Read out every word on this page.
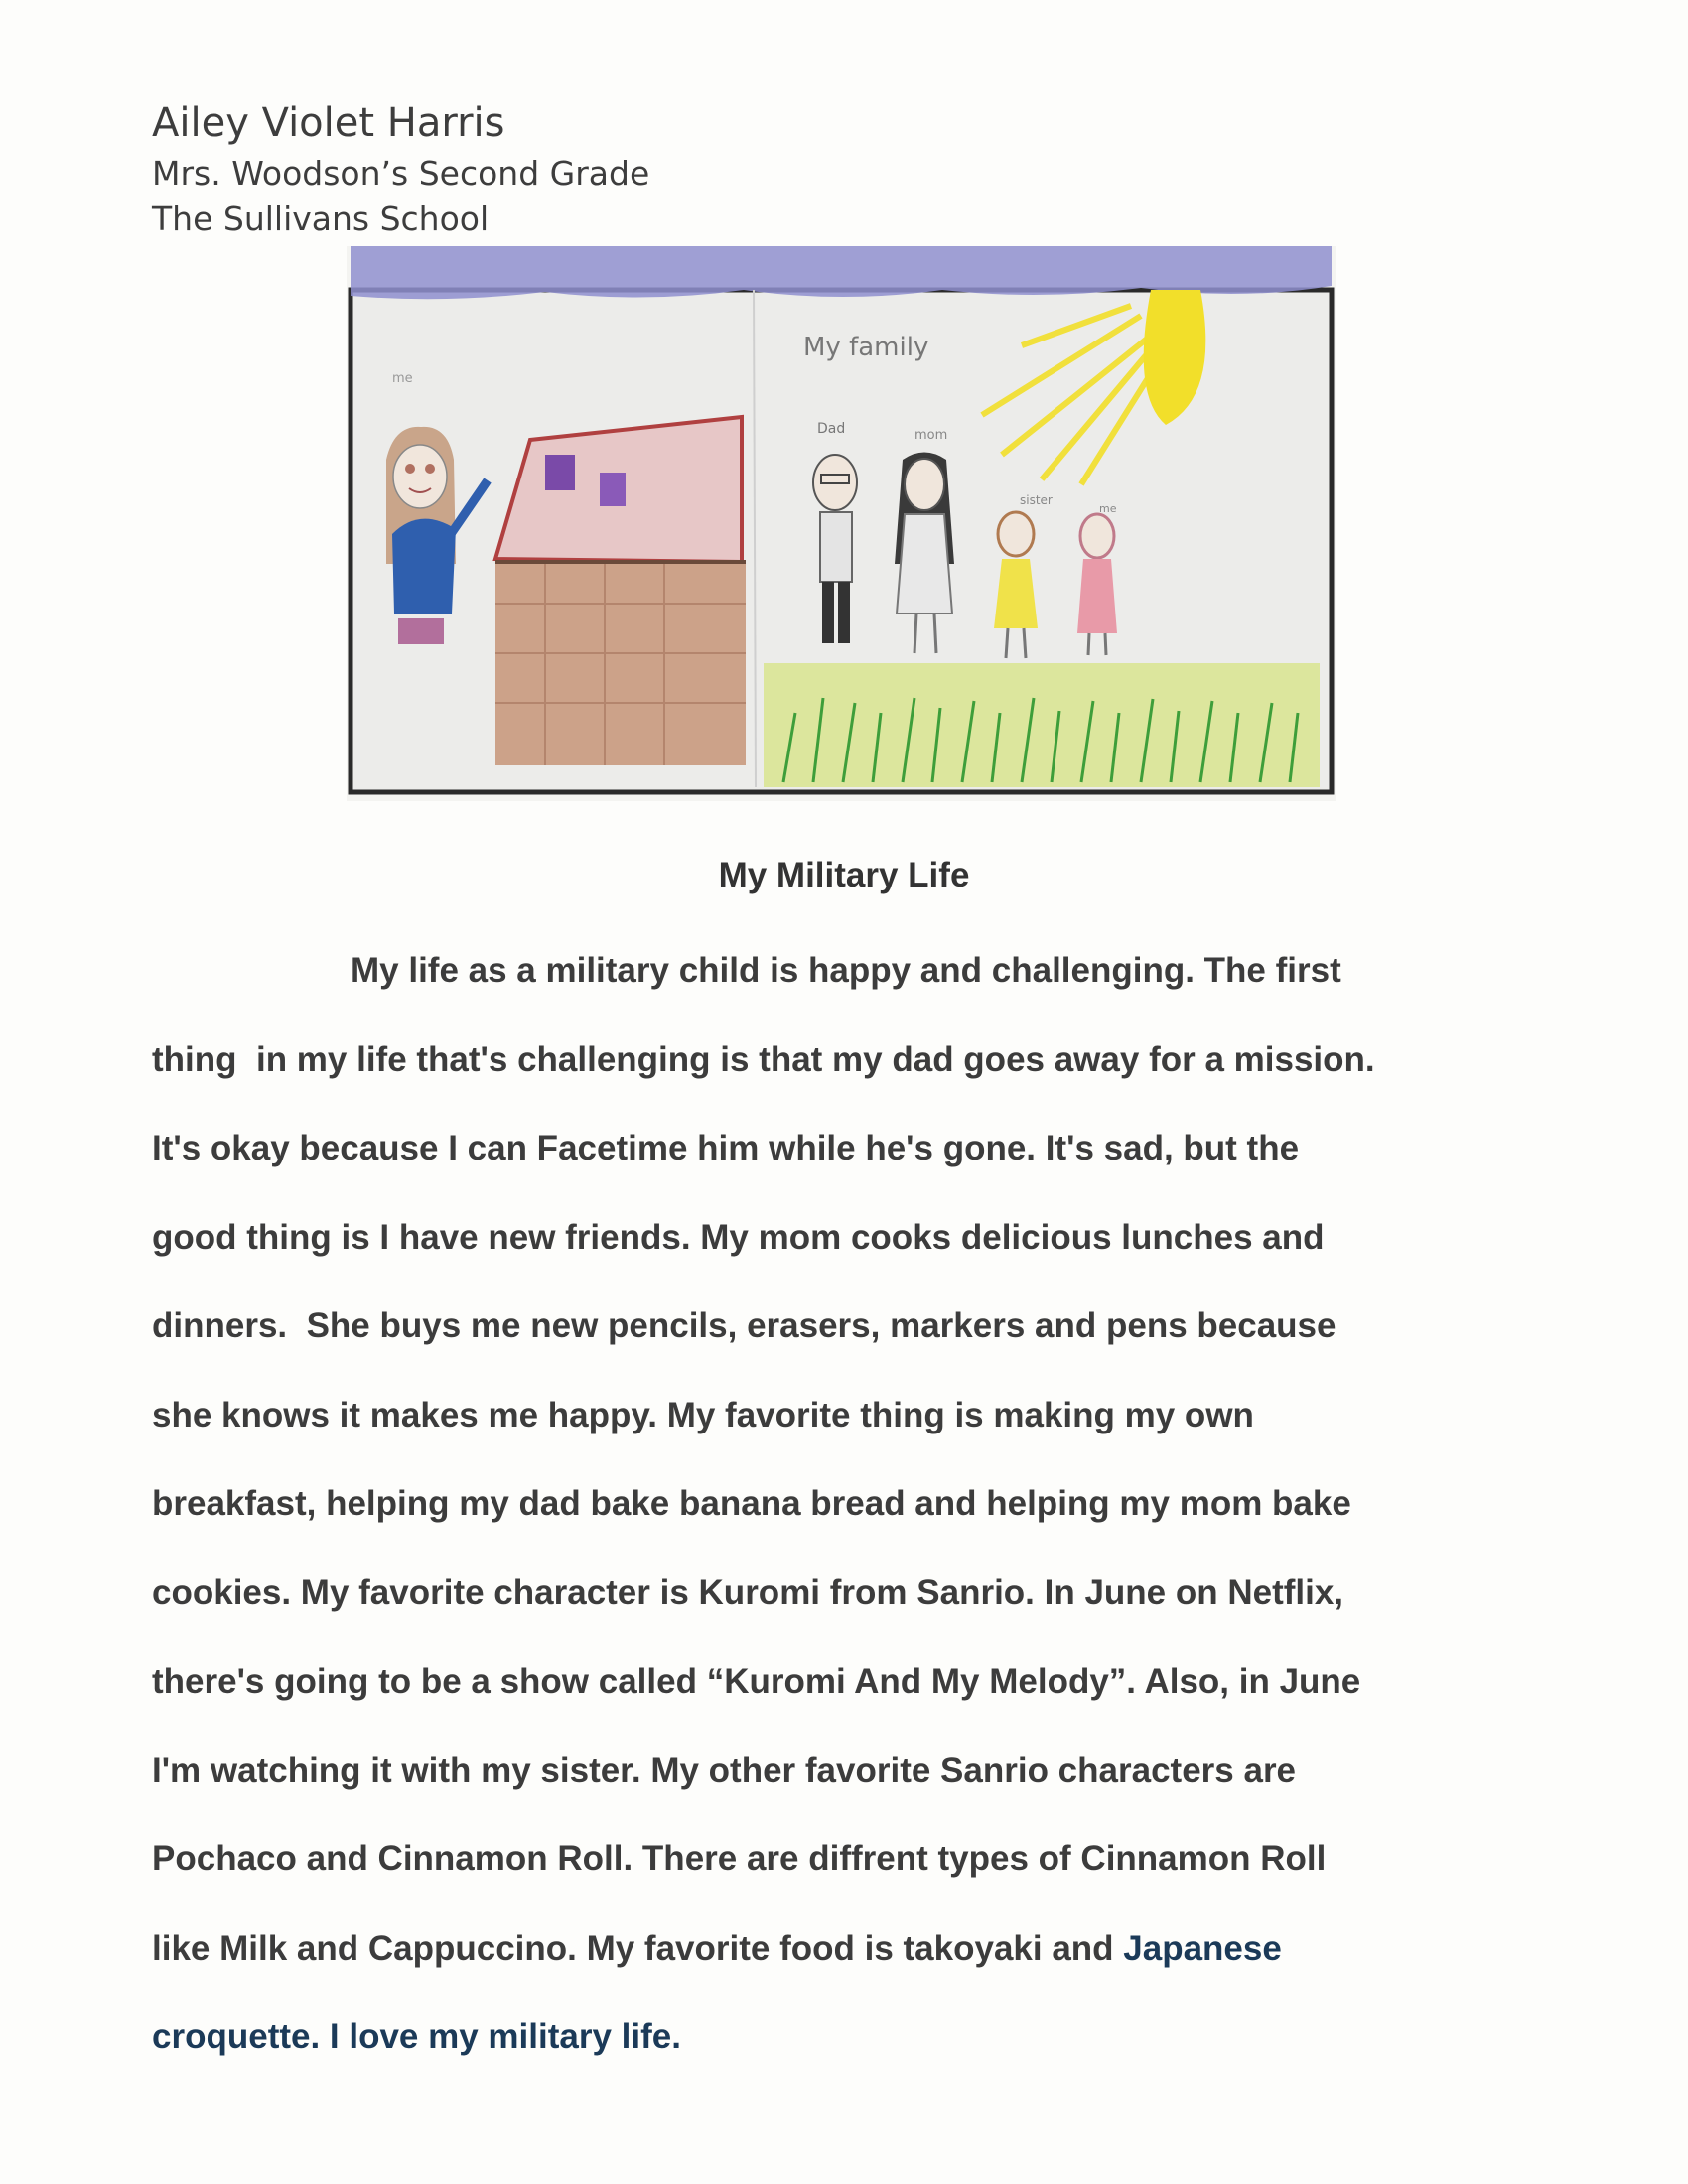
Ailey Violet Harris

Mrs. Woodson’s Second Grade

The Sullivans School

me
My family
Dad	mom
sister
me
My Military Life
My life as a military child is happy and challenging. The first
thing  in my life that's challenging is that my dad goes away for a mission.
It's okay because I can Facetime him while he's gone. It's sad, but the
good thing is I have new friends. My mom cooks delicious lunches and
dinners.  She buys me new pencils, erasers, markers and pens because
she knows it makes me happy. My favorite thing is making my own
breakfast, helping my dad bake banana bread and helping my mom bake
cookies. My favorite character is Kuromi from Sanrio. In June on Netflix,
there's going to be a show called “Kuromi And My Melody”. Also, in June
I'm watching it with my sister. My other favorite Sanrio characters are
Pochaco and Cinnamon Roll. There are diffrent types of Cinnamon Roll
like Milk and Cappuccino. My favorite food is takoyaki and Japanese
croquette. I love my military life.
